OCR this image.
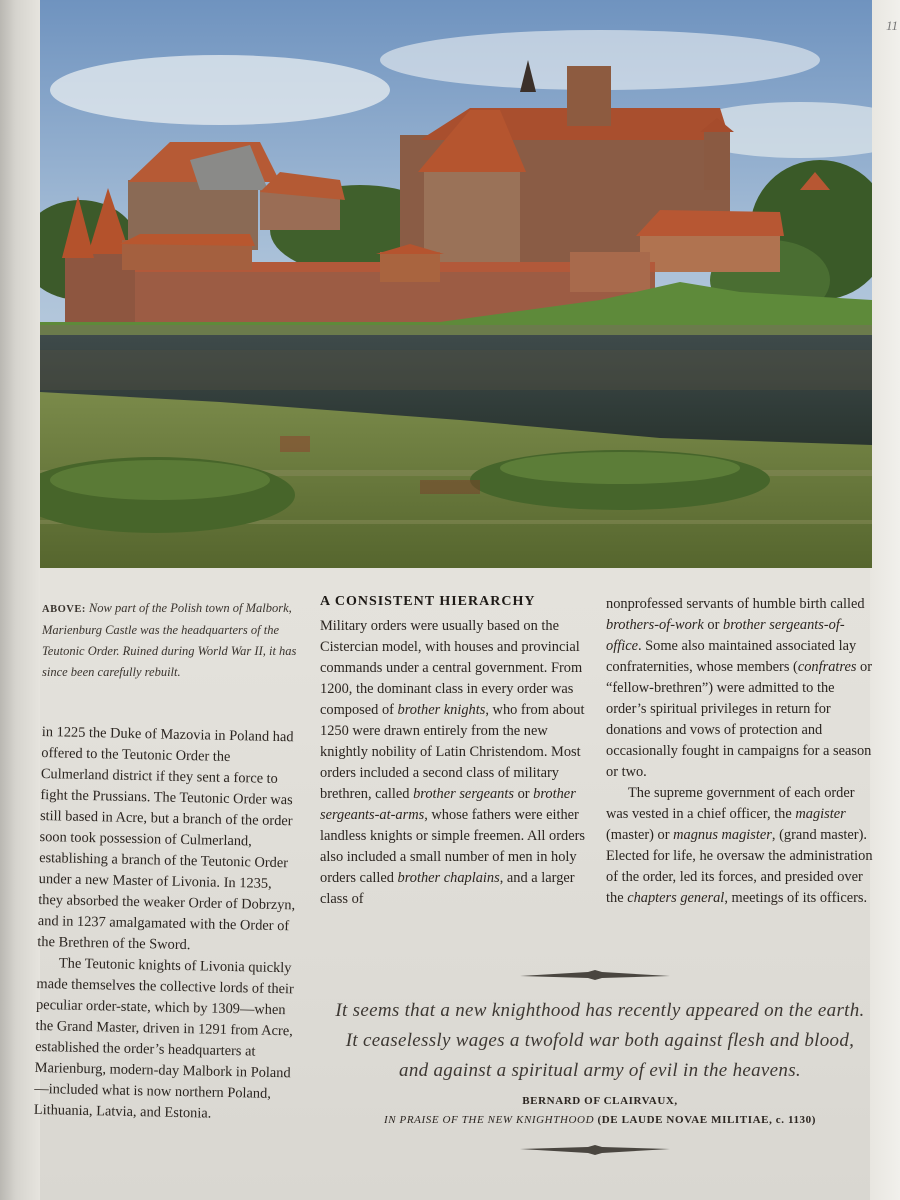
11
ABOVE: Now part of the Polish town of Malbork, Marienburg Castle was the headquarters of the Teutonic Order. Ruined during World War II, it has since been carefully rebuilt.

in 1225 the Duke of Mazovia in Poland had offered to the Teutonic Order the Culmerland district if they sent a force to fight the Prussians. The Teutonic Order was still based in Acre, but a branch of the order soon took possession of Culmerland, establishing a branch of the Teutonic Order under a new Master of Livonia. In 1235, they absorbed the weaker Order of Dobrzyn, and in 1237 amalgamated with the Order of the Brethren of the Sword.

The Teutonic knights of Livonia quickly made themselves the collective lords of their peculiar order-state, which by 1309—when the Grand Master, driven in 1291 from Acre, established the order’s headquarters at Marienburg, modern-day Malbork in Poland—included what is now northern Poland, Lithuania, Latvia, and Estonia.

A CONSISTENT HIERARCHY

Military orders were usually based on the Cistercian model, with houses and provincial commands under a central government. From 1200, the dominant class in every order was composed of brother knights, who from about 1250 were drawn entirely from the new knightly nobility of Latin Christendom. Most orders included a second class of military brethren, called brother sergeants or brother sergeants-at-arms, whose fathers were either landless knights or simple freemen. All orders also included a small number of men in holy orders called brother chaplains, and a larger class of

nonprofessed servants of humble birth called brothers-of-work or brother sergeants-of-office. Some also maintained associated lay confraternities, whose members (confratres or “fellow-brethren”) were admitted to the order’s spiritual privileges in return for donations and vows of protection and occasionally fought in campaigns for a season or two.

The supreme government of each order was vested in a chief officer, the magister (master) or magnus magister, (grand master). Elected for life, he oversaw the administration of the order, led its forces, and presided over the chapters general, meetings of its officers.

It seems that a new knighthood has recently appeared on the earth.
It ceaselessly wages a twofold war both against flesh and blood,
and against a spiritual army of evil in the heavens.
BERNARD OF CLAIRVAUX,
IN PRAISE OF THE NEW KNIGHTHOOD (DE LAUDE NOVAE MILITIAE, c. 1130)
